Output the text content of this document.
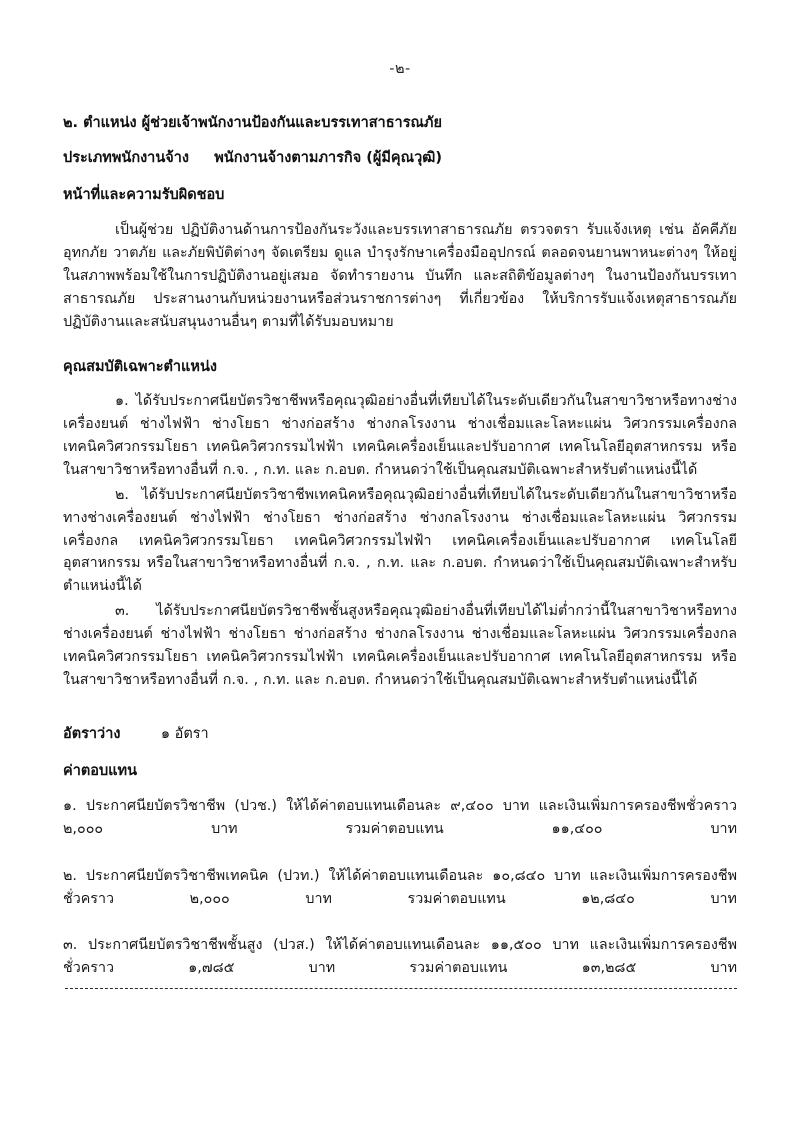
-๒-
๒. ตำแหน่ง ผู้ช่วยเจ้าพนักงานป้องกันและบรรเทาสาธารณภัย
ประเภทพนักงานจ้าง พนักงานจ้างตามภารกิจ (ผู้มีคุณวุฒิ)
หน้าที่และความรับผิดชอบ
เป็นผู้ช่วย ปฏิบัติงานด้านการป้องกันระวังและบรรเทาสาธารณภัย ตรวจตรา รับแจ้งเหตุ เช่น อัคคีภัย อุทกภัย วาตภัย และภัยพิบัติต่างๆ จัดเตรียม ดูแล บำรุงรักษาเครื่องมืออุปกรณ์ ตลอดจนยานพาหนะต่างๆ ให้อยู่ในสภาพพร้อมใช้ในการปฏิบัติงานอยู่เสมอ จัดทำรายงาน บันทึก และสถิติข้อมูลต่างๆ ในงานป้องกันบรรเทาสาธารณภัย ประสานงานกับหน่วยงานหรือส่วนราชการต่างๆ ที่เกี่ยวข้อง ให้บริการรับแจ้งเหตุสาธารณภัย ปฏิบัติงานและสนับสนุนงานอื่นๆ ตามที่ได้รับมอบหมาย
คุณสมบัติเฉพาะตำแหน่ง
๑. ได้รับประกาศนียบัตรวิชาชีพหรือคุณวุฒิอย่างอื่นที่เทียบได้ในระดับเดียวกันในสาขาวิชาหรือทางช่างเครื่องยนต์ ช่างไฟฟ้า ช่างโยธา ช่างก่อสร้าง ช่างกลโรงงาน ช่างเชื่อมและโลหะแผ่น วิศวกรรมเครื่องกล เทคนิควิศวกรรมโยธา เทคนิควิศวกรรมไฟฟ้า เทคนิคเครื่องเย็นและปรับอากาศ เทคโนโลยีอุตสาหกรรม หรือในสาขาวิชาหรือทางอื่นที่ ก.จ. , ก.ท. และ ก.อบต. กำหนดว่าใช้เป็นคุณสมบัติเฉพาะสำหรับตำแหน่งนี้ได้
๒. ได้รับประกาศนียบัตรวิชาชีพเทคนิคหรือคุณวุฒิอย่างอื่นที่เทียบได้ในระดับเดียวกันในสาขาวิชาหรือทางช่างเครื่องยนต์ ช่างไฟฟ้า ช่างโยธา ช่างก่อสร้าง ช่างกลโรงงาน ช่างเชื่อมและโลหะแผ่น วิศวกรรมเครื่องกล เทคนิควิศวกรรมโยธา เทคนิควิศวกรรมไฟฟ้า เทคนิคเครื่องเย็นและปรับอากาศ เทคโนโลยีอุตสาหกรรม หรือในสาขาวิชาหรือทางอื่นที่ ก.จ. , ก.ท. และ ก.อบต. กำหนดว่าใช้เป็นคุณสมบัติเฉพาะสำหรับตำแหน่งนี้ได้
๓. ได้รับประกาศนียบัตรวิชาชีพชั้นสูงหรือคุณวุฒิอย่างอื่นที่เทียบได้ไม่ต่ำกว่านี้ในสาขาวิชาหรือทางช่างเครื่องยนต์ ช่างไฟฟ้า ช่างโยธา ช่างก่อสร้าง ช่างกลโรงงาน ช่างเชื่อมและโลหะแผ่น วิศวกรรมเครื่องกล เทคนิควิศวกรรมโยธา เทคนิควิศวกรรมไฟฟ้า เทคนิคเครื่องเย็นและปรับอากาศ เทคโนโลยีอุตสาหกรรม หรือในสาขาวิชาหรือทางอื่นที่ ก.จ. , ก.ท. และ ก.อบต. กำหนดว่าใช้เป็นคุณสมบัติเฉพาะสำหรับตำแหน่งนี้ได้
อัตราว่าง	๑ อัตรา
ค่าตอบแทน
๑. ประกาศนียบัตรวิชาชีพ (ปวช.) ให้ได้ค่าตอบแทนเดือนละ ๙,๔๐๐ บาท และเงินเพิ่มการครองชีพชั่วคราว ๒,๐๐๐ บาท รวมค่าตอบแทน ๑๑,๔๐๐ บาท
๒. ประกาศนียบัตรวิชาชีพเทคนิค (ปวท.) ให้ได้ค่าตอบแทนเดือนละ ๑๐,๘๔๐ บาท และเงินเพิ่มการครองชีพชั่วคราว ๒,๐๐๐ บาท รวมค่าตอบแทน ๑๒,๘๔๐ บาท
๓. ประกาศนียบัตรวิชาชีพชั้นสูง (ปวส.) ให้ได้ค่าตอบแทนเดือนละ ๑๑,๕๐๐ บาท และเงินเพิ่มการครองชีพชั่วคราว ๑,๗๘๕ บาท รวมค่าตอบแทน ๑๓,๒๘๕ บาท
